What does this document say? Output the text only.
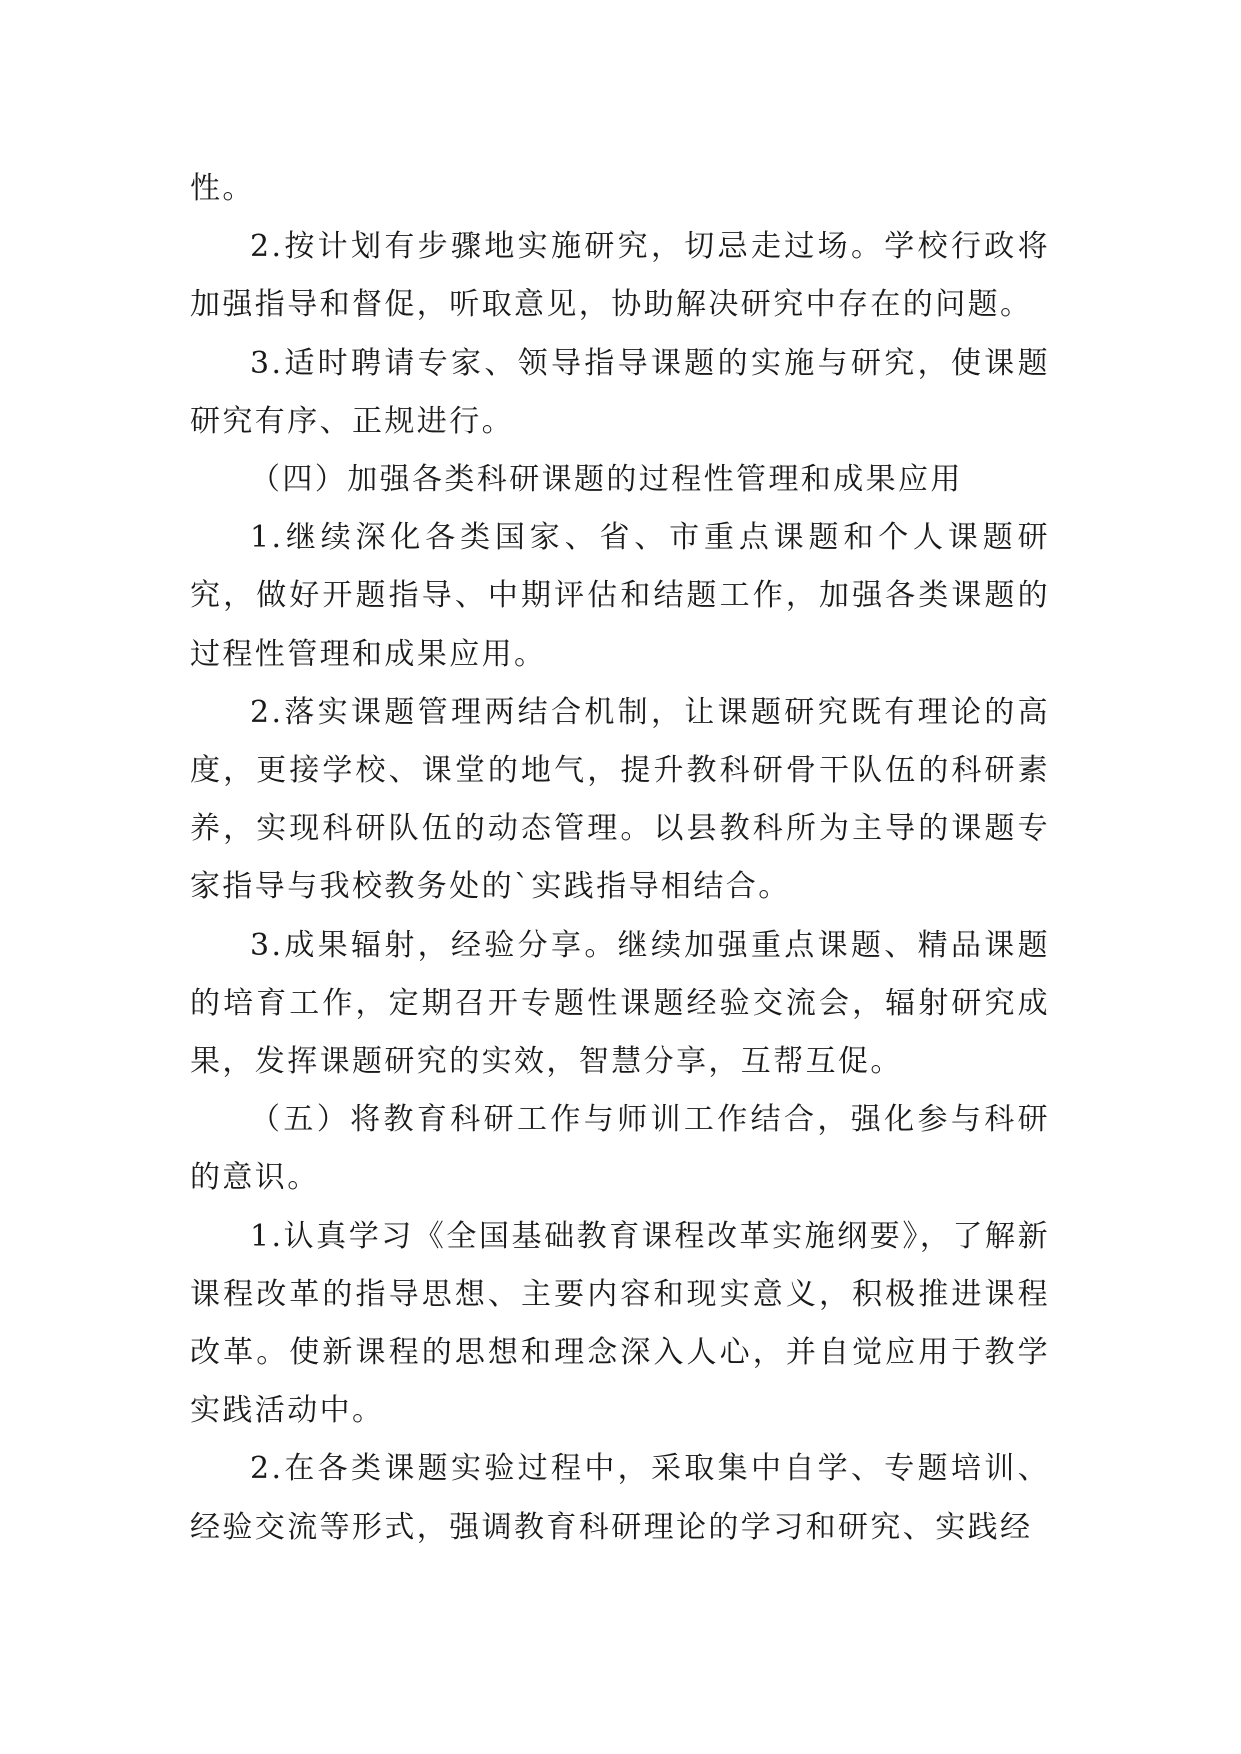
性。

2.按计划有步骤地实施研究，切忌走过场。学校行政将加强指导和督促，听取意见，协助解决研究中存在的问题。

3.适时聘请专家、领导指导课题的实施与研究，使课题研究有序、正规进行。

（四）加强各类科研课题的过程性管理和成果应用

1.继续深化各类国家、省、市重点课题和个人课题研究，做好开题指导、中期评估和结题工作，加强各类课题的过程性管理和成果应用。

2.落实课题管理两结合机制，让课题研究既有理论的高度，更接学校、课堂的地气，提升教科研骨干队伍的科研素养，实现科研队伍的动态管理。以县教科所为主导的课题专家指导与我校教务处的`实践指导相结合。

3.成果辐射，经验分享。继续加强重点课题、精品课题的培育工作，定期召开专题性课题经验交流会，辐射研究成果，发挥课题研究的实效，智慧分享，互帮互促。

（五）将教育科研工作与师训工作结合，强化参与科研的意识。

1.认真学习《全国基础教育课程改革实施纲要》，了解新课程改革的指导思想、主要内容和现实意义，积极推进课程改革。使新课程的思想和理念深入人心，并自觉应用于教学实践活动中。

2.在各类课题实验过程中，采取集中自学、专题培训、经验交流等形式，强调教育科研理论的学习和研究、实践经
